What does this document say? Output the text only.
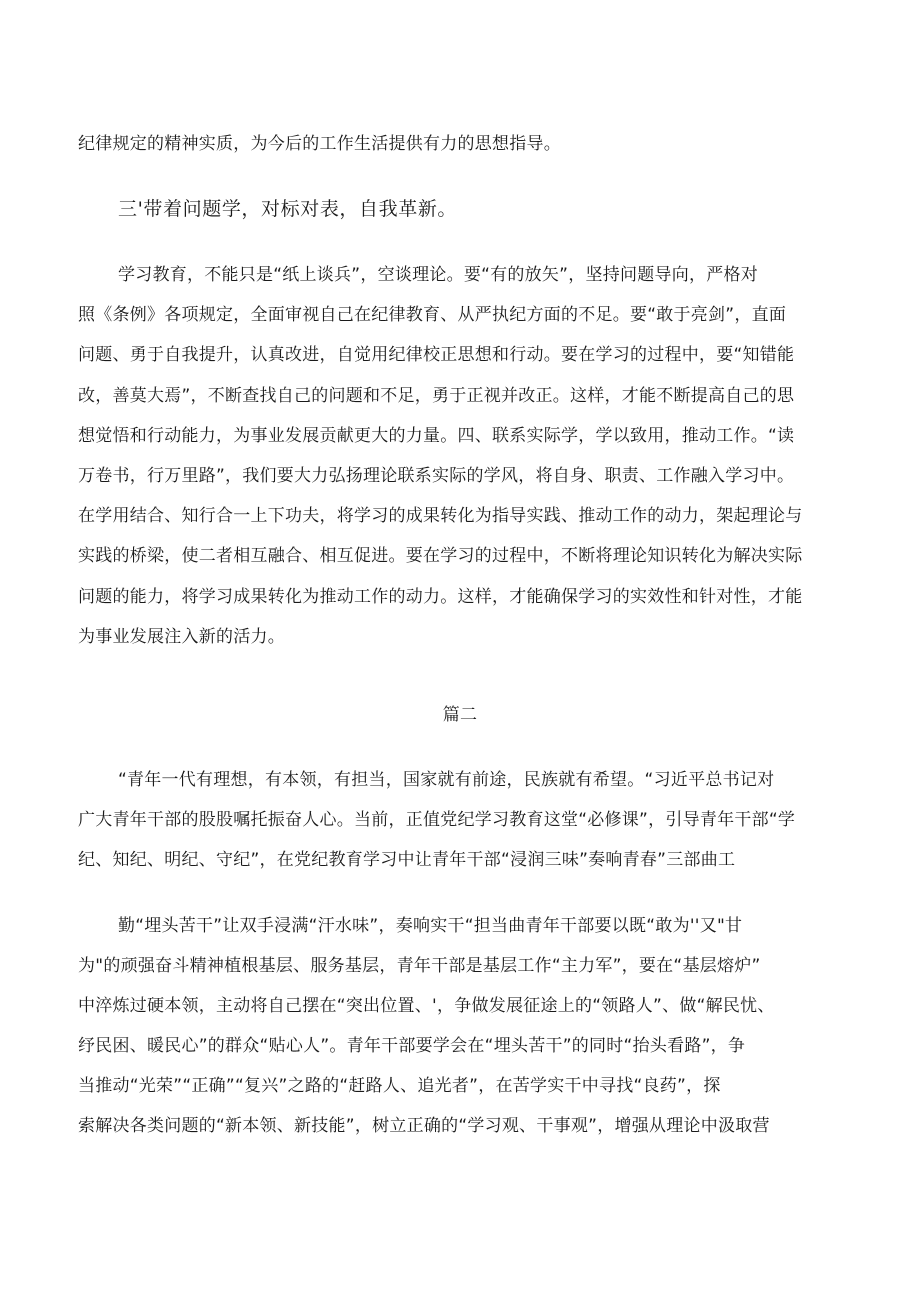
纪律规定的精神实质，为今后的工作生活提供有力的思想指导。
三'带着问题学，对标对表，自我革新。
学习教育，不能只是“纸上谈兵”，空谈理论。要“有的放矢”，坚持问题导向，严格对
照《条例》各项规定，全面审视自己在纪律教育、从严执纪方面的不足。要“敢于亮剑”，直面
问题、勇于自我提升，认真改进，自觉用纪律校正思想和行动。要在学习的过程中，要“知错能
改，善莫大焉”，不断查找自己的问题和不足，勇于正视并改正。这样，才能不断提高自己的思
想觉悟和行动能力，为事业发展贡献更大的力量。四、联系实际学，学以致用，推动工作。“读
万卷书，行万里路”，我们要大力弘扬理论联系实际的学风，将自身、职责、工作融入学习中。
在学用结合、知行合一上下功夫，将学习的成果转化为指导实践、推动工作的动力，架起理论与
实践的桥梁，使二者相互融合、相互促进。要在学习的过程中，不断将理论知识转化为解决实际
问题的能力，将学习成果转化为推动工作的动力。这样，才能确保学习的实效性和针对性，才能
为事业发展注入新的活力。
篇二
“青年一代有理想，有本领，有担当，国家就有前途，民族就有希望。“习近平总书记对
广大青年干部的股股嘱托振奋人心。当前，正值党纪学习教育这堂“必修课”，引导青年干部“学
纪、知纪、明纪、守纪”，在党纪教育学习中让青年干部“浸润三味”奏响青春”三部曲工
勤“埋头苦干”让双手浸满“汗水味”，奏响实干“担当曲青年干部要以既“敢为''又"甘
为"的顽强奋斗精神植根基层、服务基层，青年干部是基层工作“主力军”，要在“基层熔炉”
中淬炼过硬本领，主动将自己摆在“突出位置、'，争做发展征途上的“领路人”、做“解民忧、
纾民困、暖民心”的群众“贴心人”。青年干部要学会在“埋头苦干”的同时“抬头看路”，争
当推动“光荣”“正确”“复兴”之路的“赶路人、追光者”，在苦学实干中寻找“良药”，探
索解决各类问题的“新本领、新技能”，树立正确的“学习观、干事观”，增强从理论中汲取营
